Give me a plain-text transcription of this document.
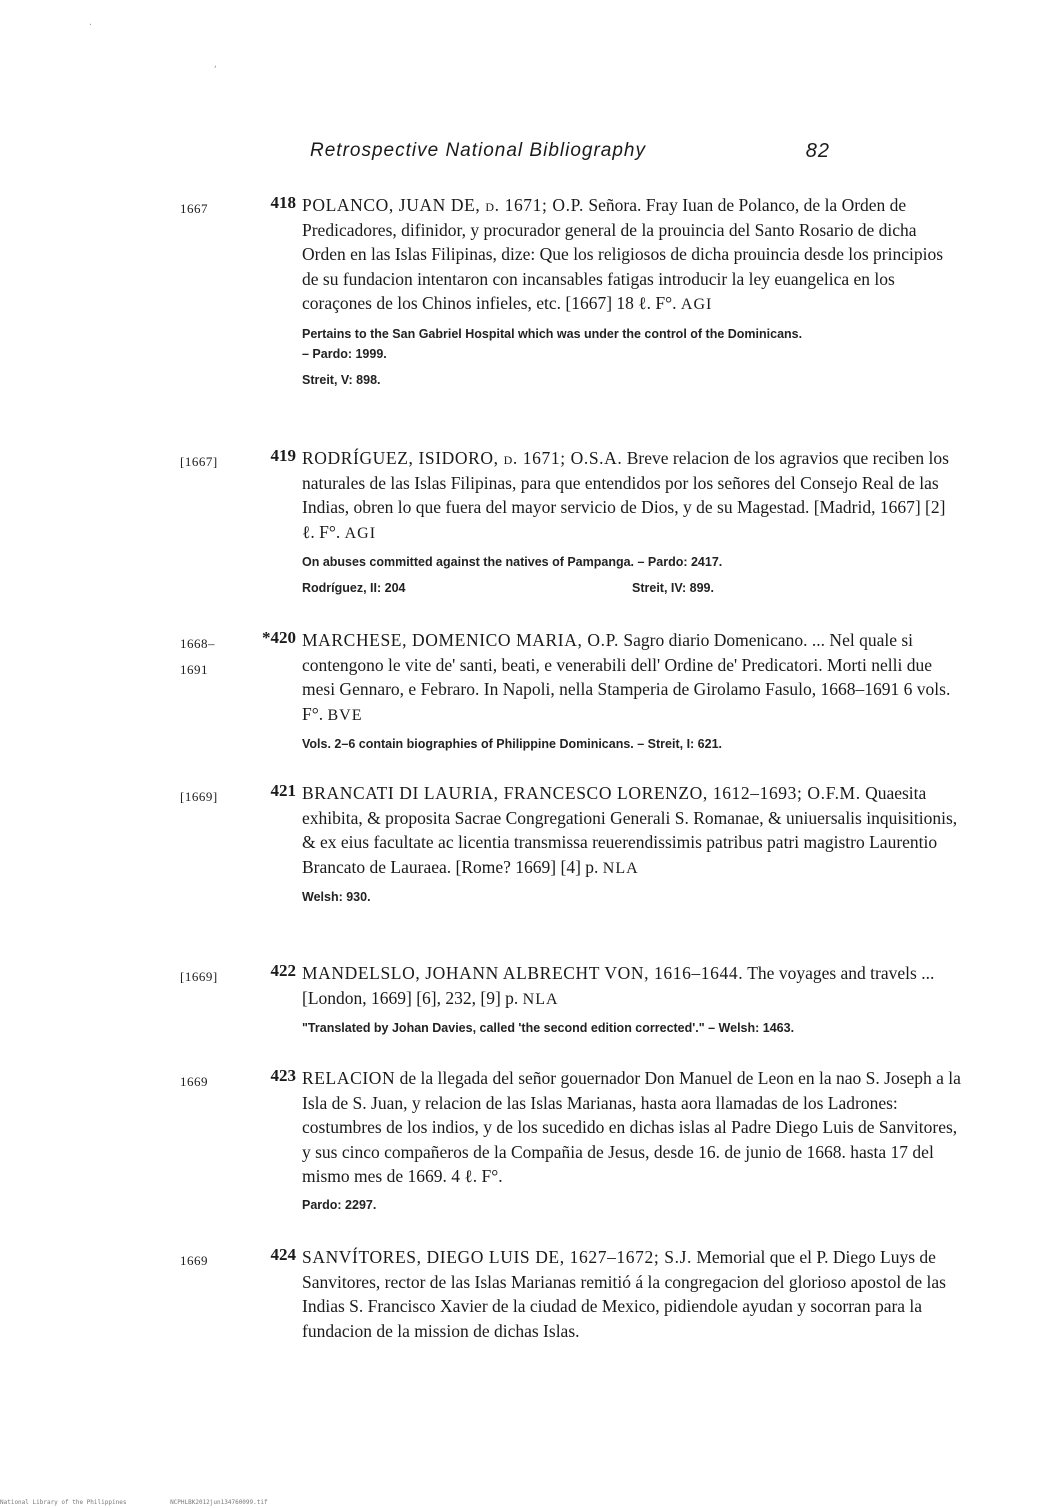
·
,
Retrospective National Bibliography	82
1667	418 POLANCO, JUAN DE, d. 1671; O.P. Señora. Fray Iuan de Polanco, de la Orden de Predicadores, difinidor, y procurador general de la prouincia del Santo Rosario de dicha Orden en las Islas Filipinas, dize: Que los religiosos de dicha prouincia desde los principios de su fundacion intentaron con incansables fatigas introducir la ley euangelica en los coraçones de los Chinos infieles, etc. [1667] 18 ℓ. F°. AGI
Pertains to the San Gabriel Hospital which was under the control of the Dominicans.
– Pardo: 1999.
Streit, V: 898.
[1667]	419 RODRÍGUEZ, ISIDORO, d. 1671; O.S.A. Breve relacion de los agravios que reciben los naturales de las Islas Filipinas, para que entendidos por los señores del Consejo Real de las Indias, obren lo que fuera del mayor servicio de Dios, y de su Magestad. [Madrid, 1667] [2] ℓ. F°. AGI
On abuses committed against the natives of Pampanga. – Pardo: 2417.
Rodríguez, II: 204	Streit, IV: 899.
1668–
1691
*420 MARCHESE, DOMENICO MARIA, O.P. Sagro diario Domenicano. ... Nel quale si contengono le vite de' santi, beati, e venerabili dell' Ordine de' Predicatori. Morti nelli due mesi Gennaro, e Febraro. In Napoli, nella Stamperia de Girolamo Fasulo, 1668–1691 6 vols. F°. BVE
Vols. 2–6 contain biographies of Philippine Dominicans. – Streit, I: 621.
[1669]	421 BRANCATI DI LAURIA, FRANCESCO LORENZO, 1612–1693; O.F.M. Quaesita exhibita, & proposita Sacrae Congregationi Generali S. Romanae, & uniuersalis inquisitionis, & ex eius facultate ac licentia transmissa reuerendissimis patribus patri magistro Laurentio Brancato de Lauraea. [Rome? 1669] [4] p. NLA
Welsh: 930.
[1669]	422 MANDELSLO, JOHANN ALBRECHT VON, 1616–1644. The voyages and travels ... [London, 1669] [6], 232, [9] p. NLA
"Translated by Johan Davies, called 'the second edition corrected'." – Welsh: 1463.
1669	423 RELACION de la llegada del señor gouernador Don Manuel de Leon en la nao S. Joseph a la Isla de S. Juan, y relacion de las Islas Marianas, hasta aora llamadas de los Ladrones: costumbres de los indios, y de los sucedido en dichas islas al Padre Diego Luis de Sanvitores, y sus cinco compañeros de la Compañia de Jesus, desde 16. de junio de 1668. hasta 17 del mismo mes de 1669. 4 ℓ. F°.
Pardo: 2297.
1669	424 SANVÍTORES, DIEGO LUIS DE, 1627–1672; S.J. Memorial que el P. Diego Luys de Sanvitores, rector de las Islas Marianas remitió á la congregacion del glorioso apostol de las Indias S. Francisco Xavier de la ciudad de Mexico, pidiendole ayudan y socorran para la fundacion de la mission de dichas Islas.
National Library of the Philippines	NCPHLBK2012jun134760099.tif
